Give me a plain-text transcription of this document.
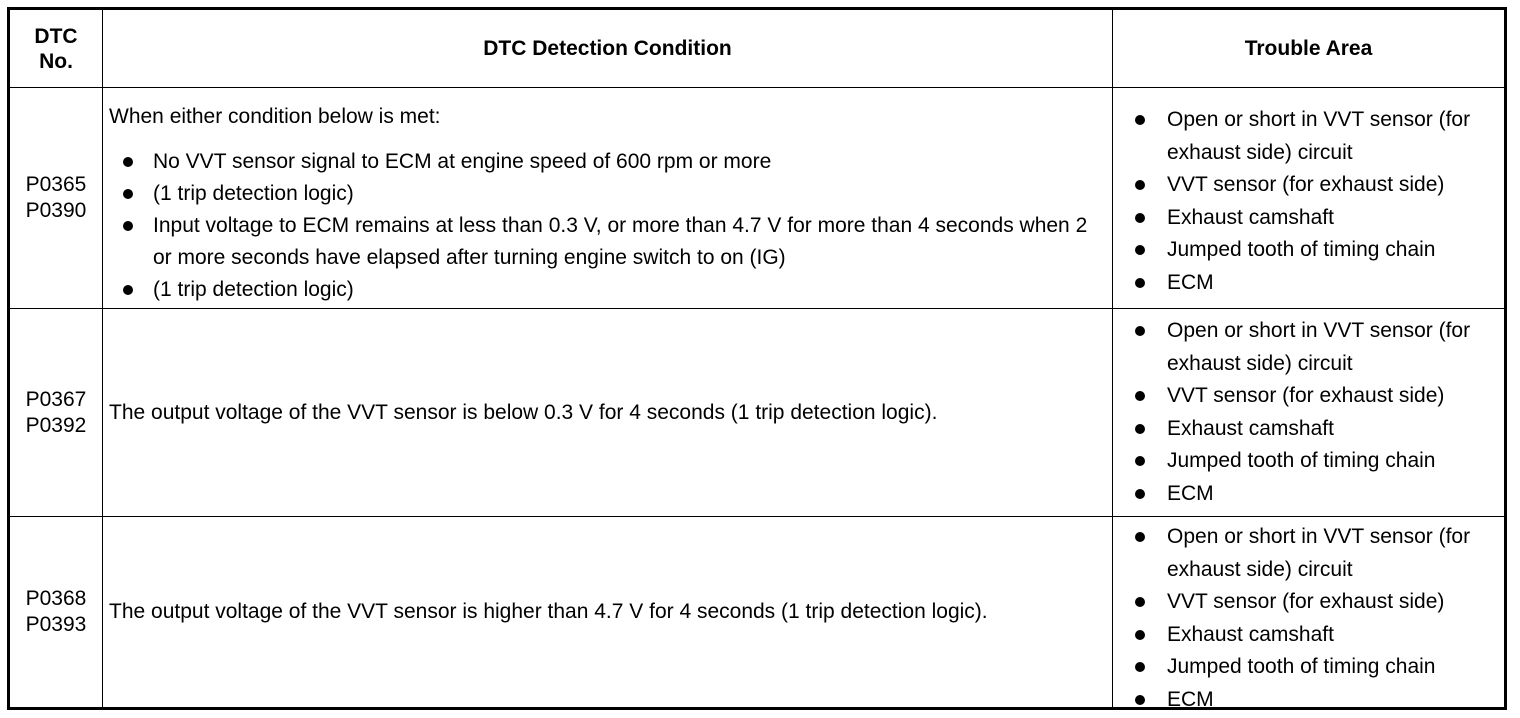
DTC
No.
DTC Detection Condition	Trouble Area
P0365
P0390
When either condition below is met:
No VVT sensor signal to ECM at engine speed of 600 rpm or more
(1 trip detection logic)
Input voltage to ECM remains at less than 0.3 V, or more than 4.7 V for more than 4 seconds when 2 or more seconds have elapsed after turning engine switch to on (IG)
(1 trip detection logic)
Open or short in VVT sensor (for exhaust side) circuit
VVT sensor (for exhaust side)
Exhaust camshaft
Jumped tooth of timing chain
ECM
P0367
P0392
The output voltage of the VVT sensor is below 0.3 V for 4 seconds (1 trip detection logic).
Open or short in VVT sensor (for exhaust side) circuit
VVT sensor (for exhaust side)
Exhaust camshaft
Jumped tooth of timing chain
ECM
P0368
P0393
The output voltage of the VVT sensor is higher than 4.7 V for 4 seconds (1 trip detection logic).
Open or short in VVT sensor (for exhaust side) circuit
VVT sensor (for exhaust side)
Exhaust camshaft
Jumped tooth of timing chain
ECM
